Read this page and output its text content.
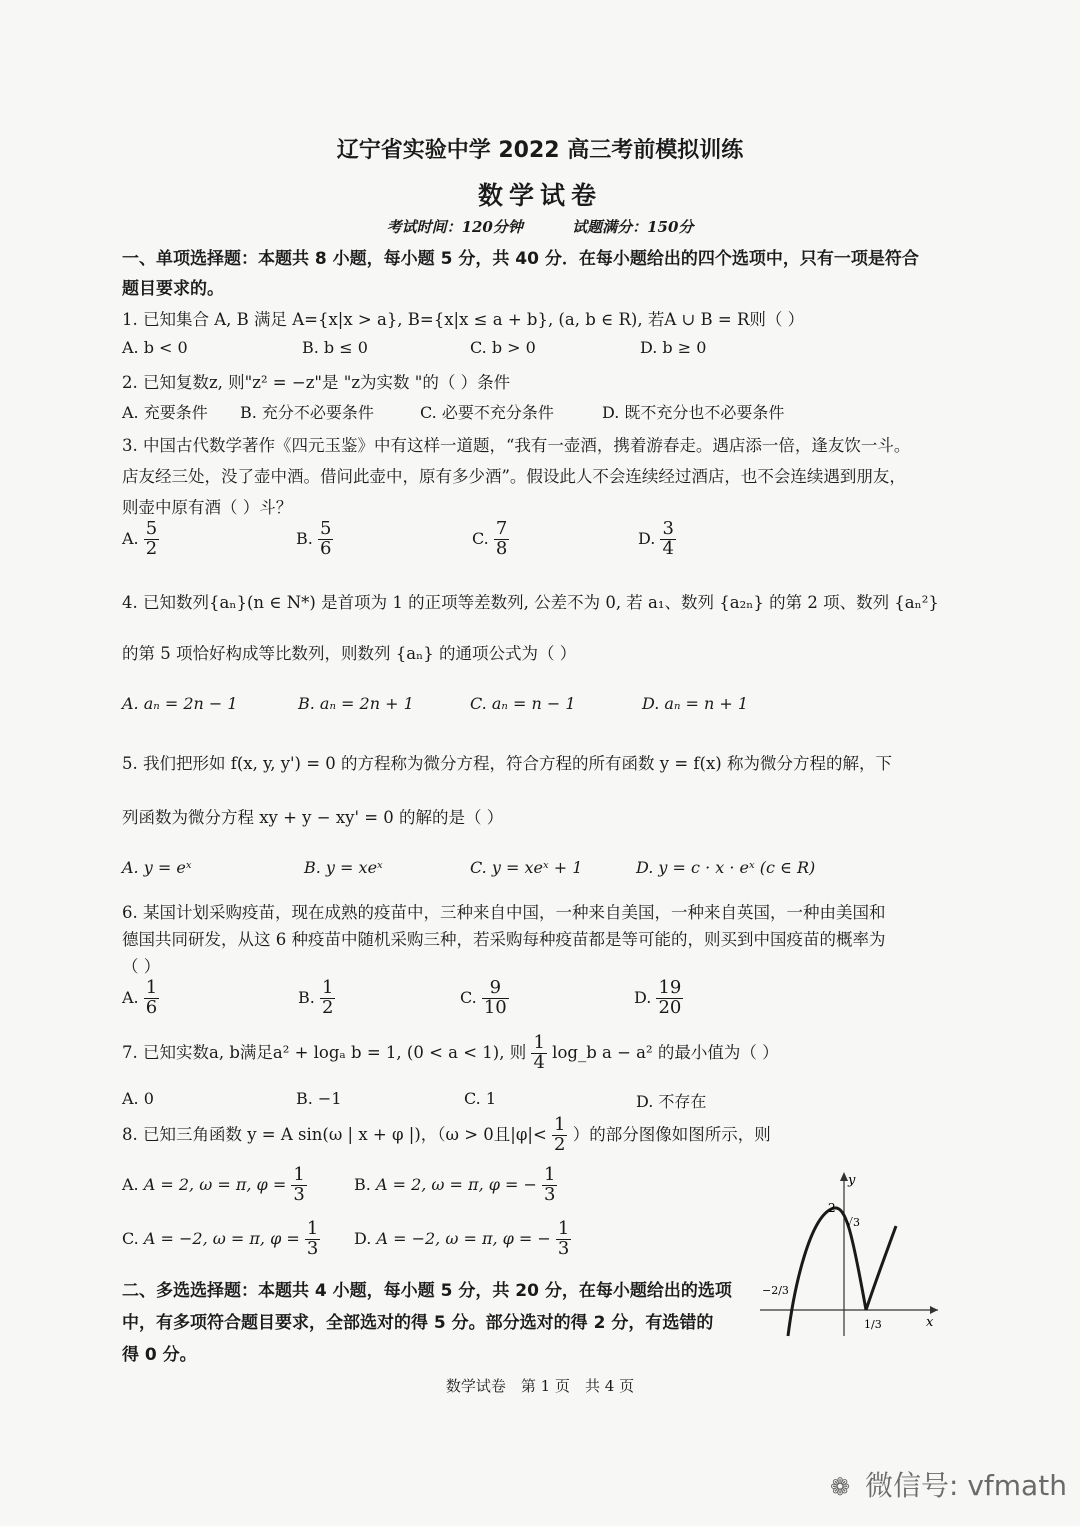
辽宁省实验中学 2022 高三考前模拟训练
数学试卷
考试时间：120分钟	试题满分：150分
一、单项选择题：本题共 8 小题，每小题 5 分，共 40 分．在每小题给出的四个选项中，只有一项是符合
题目要求的。
1. 已知集合 A, B 满足 A={x|x > a}, B={x|x ≤ a + b}, (a, b ∈ R), 若A ∪ B = R则（ ）
A. b < 0	B. b ≤ 0	C. b > 0	D. b ≥ 0
2. 已知复数z, 则"z² = −z"是 "z为实数 "的（ ）条件
A. 充要条件 B. 充分不必要条件	C. 必要不充分条件	D. 既不充分也不必要条件
3. 中国古代数学著作《四元玉鉴》中有这样一道题，“我有一壶酒，携着游春走。遇店添一倍，逢友饮一斗。
店友经三处，没了壶中酒。借问此壶中，原有多少酒”。假设此人不会连续经过酒店，也不会连续遇到朋友，
则壶中原有酒（ ）斗？
A. $\frac{5}{2}$	B. $\frac{5}{6}$	C. $\frac{7}{8}$	D. $\frac{3}{4}$
4. 已知数列{aₙ}(n ∈ N*) 是首项为 1 的正项等差数列, 公差不为 0, 若 a₁、数列 {a₂ₙ} 的第 2 项、数列 {aₙ²}
的第 5 项恰好构成等比数列，则数列 {aₙ} 的通项公式为（ ）
A. aₙ = 2n − 1	B. aₙ = 2n + 1	C. aₙ = n − 1	D. aₙ = n + 1
5. 我们把形如 f(x, y, y') = 0 的方程称为微分方程，符合方程的所有函数 y = f(x) 称为微分方程的解，下
列函数为微分方程 xy + y − xy' = 0 的解的是（ ）
A. y = eˣ	B. y = xeˣ	C. y = xeˣ + 1	D. y = c · x · eˣ (c ∈ R)
6. 某国计划采购疫苗，现在成熟的疫苗中，三种来自中国，一种来自美国，一种来自英国，一种由美国和
德国共同研发，从这 6 种疫苗中随机采购三种，若采购每种疫苗都是等可能的，则买到中国疫苗的概率为
（ ）
A. $\frac{1}{6}$	B. $\frac{1}{2}$	C. $\frac{9}{10}$	D. $\frac{19}{20}$
7. 已知实数a, b满足a² + logₐ b = 1, (0 < a < 1), 则 $\frac{1}{4}$ log_b a − a² 的最小值为（ ）
A. 0	B. −1	C. 1	D. 不存在
8. 已知三角函数 y = A sin(ω | x + φ |)，（ω > 0且$|\varphi|< \frac{1}{2}$ ）的部分图像如图所示，则
A. A = 2, ω = π, $\varphi = \frac{1}{3}$	B. A = 2, ω = π, φ = − $\frac{1}{3}$
C. A = −2, ω = π, $\varphi = \frac{1}{3} D$. A = −2, ω = π, φ = − $\frac{1}{3}$
y
x
2
√3
−2/3
1/3
二、多选选择题：本题共 4 小题，每小题 5 分，共 20 分，在每小题给出的选项
中，有多项符合题目要求，全部选对的得 5 分。部分选对的得 2 分，有选错的
得 0 分。
数学试卷　第 1 页　共 4 页
❁ 微信号: vfmath
